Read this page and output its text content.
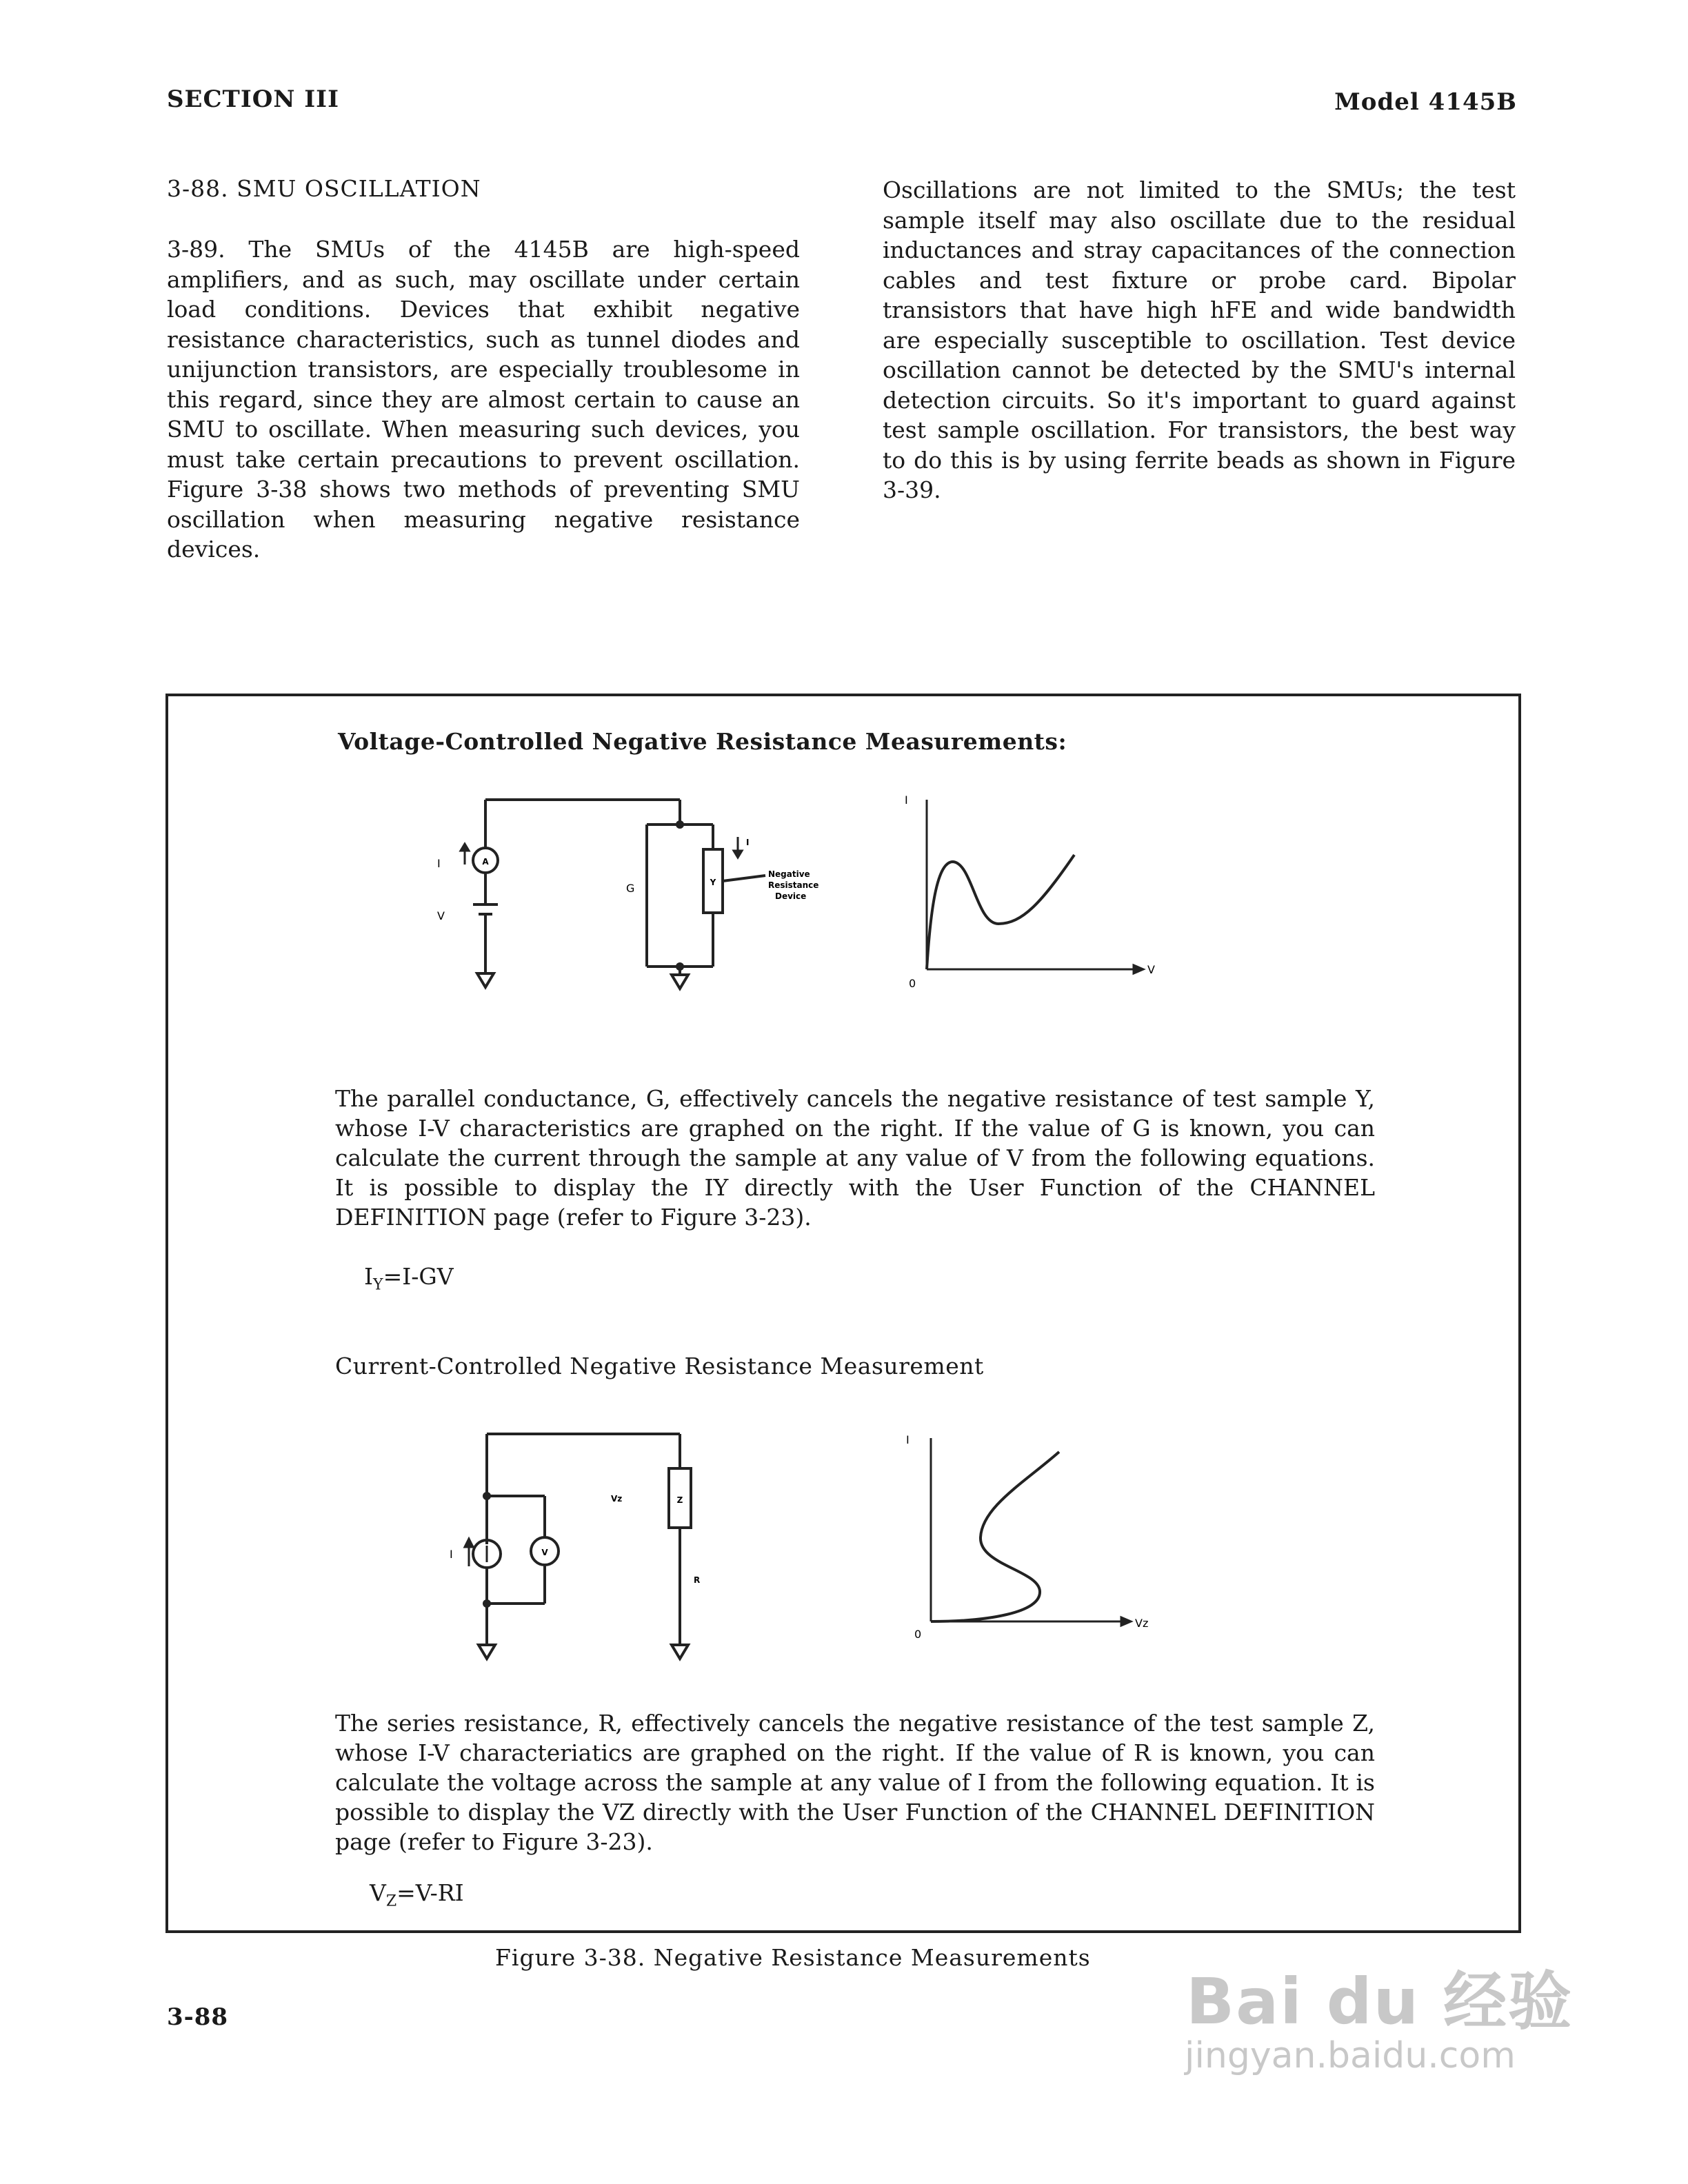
SECTION III	Model 4145B
3-88. SMU OSCILLATION
3-89. The SMUs of the 4145B are high-speed amplifiers, and as such, may oscillate under certain load conditions. Devices that exhibit negative resistance characteristics, such as tunnel diodes and unijunction transistors, are especially troublesome in this regard, since they are almost certain to cause an SMU to oscillate. When measuring such devices, you must take certain precautions to prevent oscillation. Figure 3-38 shows two methods of preventing SMU oscillation when measuring negative resistance devices.
Oscillations are not limited to the SMUs; the test sample itself may also oscillate due to the residual inductances and stray capacitances of the connection cables and test fixture or probe card. Bipolar transistors that have high hFE and wide bandwidth are especially susceptible to oscillation. Test device oscillation cannot be detected by the SMU's internal detection circuits. So it's important to guard against test sample oscillation. For transistors, the best way to do this is by using ferrite beads as shown in Figure 3-39.
Voltage-Controlled Negative Resistance Measurements:
A
I
V
G	Y
I
Negative
Resistance
Device
I
0
V
The parallel conductance, G, effectively cancels the negative resistance of test sample Y, whose I-V characteristics are graphed on the right. If the value of G is known, you can calculate the current through the sample at any value of V from the following equations. It is possible to display the IY directly with the User Function of the CHANNEL DEFINITION page (refer to Figure 3-23).
$I_Y=I-GV$
Current-Controlled Negative Resistance Measurement
Z
V
I
Vz
R
I
0
Vz
The series resistance, R, effectively cancels the negative resistance of the test sample Z, whose I-V characteriatics are graphed on the right. If the value of R is known, you can calculate the voltage across the sample at any value of I from the following equation. It is possible to display the VZ directly with the User Function of the CHANNEL DEFINITION page (refer to Figure 3-23).
$V_Z=V-RI$
Figure 3-38. Negative Resistance Measurements
3-88	Bai du 经验
jingyan.baidu.com
